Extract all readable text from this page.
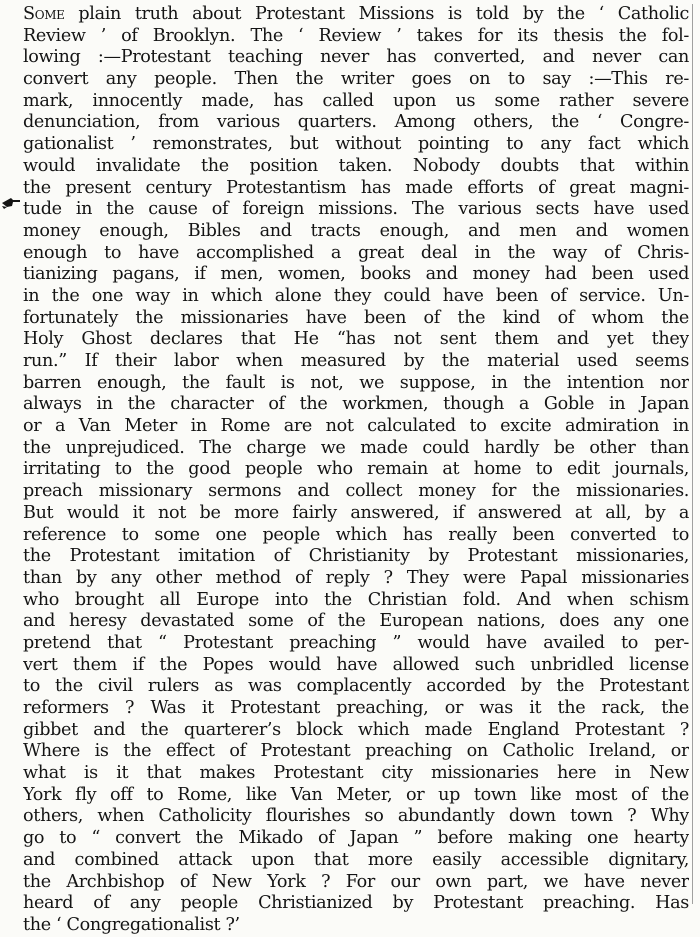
Some plain truth about Protestant Missions is told by the ‘ Catholic
Review ’ of Brooklyn. The ‘ Review ’ takes for its thesis the fol-
lowing :—Protestant teaching never has converted, and never can
convert any people. Then the writer goes on to say :—This re-
mark, innocently made, has called upon us some rather severe
denunciation, from various quarters. Among others, the ‘ Congre-
gationalist ’ remonstrates, but without pointing to any fact which
would invalidate the position taken. Nobody doubts that within
the present century Protestantism has made efforts of great magni-
tude in the cause of foreign missions. The various sects have used
money enough, Bibles and tracts enough, and men and women
enough to have accomplished a great deal in the way of Chris-
tianizing pagans, if men, women, books and money had been used
in the one way in which alone they could have been of service. Un-
fortunately the missionaries have been of the kind of whom the
Holy Ghost declares that He “has not sent them and yet they
run.” If their labor when measured by the material used seems
barren enough, the fault is not, we suppose, in the intention nor
always in the character of the workmen, though a Goble in Japan
or a Van Meter in Rome are not calculated to excite admiration in
the unprejudiced. The charge we made could hardly be other than
irritating to the good people who remain at home to edit journals,
preach missionary sermons and collect money for the missionaries.
But would it not be more fairly answered, if answered at all, by a
reference to some one people which has really been converted to
the Protestant imitation of Christianity by Protestant missionaries,
than by any other method of reply ? They were Papal missionaries
who brought all Europe into the Christian fold. And when schism
and heresy devastated some of the European nations, does any one
pretend that “ Protestant preaching ” would have availed to per-
vert them if the Popes would have allowed such unbridled license
to the civil rulers as was complacently accorded by the Protestant
reformers ? Was it Protestant preaching, or was it the rack, the
gibbet and the quarterer’s block which made England Protestant ?
Where is the effect of Protestant preaching on Catholic Ireland, or
what is it that makes Protestant city missionaries here in New
York fly off to Rome, like Van Meter, or up town like most of the
others, when Catholicity flourishes so abundantly down town ? Why
go to “ convert the Mikado of Japan ” before making one hearty
and combined attack upon that more easily accessible dignitary,
the Archbishop of New York ? For our own part, we have never
heard of any people Christianized by Protestant preaching. Has
the ‘ Congregationalist ?’
